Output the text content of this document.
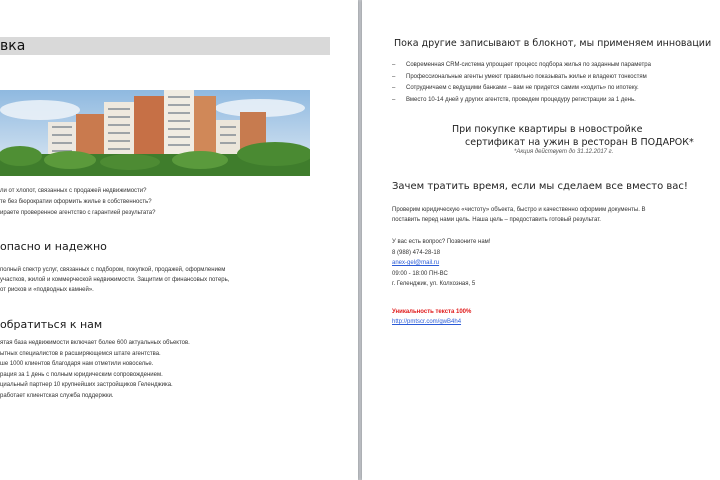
вка
ли от хлопот, связанных с продажей недвижимости?
те без бюрократии оформить жилье в собственность?
ираете проверенное агентство с гарантией результата?
опасно и надежно
полный спектр услуг, связанных с подбором, покупкой, продажей, оформлением
участков, жилой и коммерческой недвижимости. Защитим от финансовых потерь,
от рисков и «подводных камней».
обратиться к нам
ятая база недвижимости включает более 600 актуальных объектов.
ытных специалистов в расширяющемся штате агентства.
ше 1000 клиентов благодаря нам отметили новоселье.
рация за 1 день с полным юридическим сопровождением.
циальный партнер 10 крупнейших застройщиков Геленджика.
работает клиентская служба поддержки.
Пока другие записывают в блокнот, мы применяем инновации
– Современная CRM-система упрощает процесс подбора жилья по заданным параметра
– Профессиональные агенты умеют правильно показывать жилье и владеют тонкостям
– Сотрудничаем с ведущими банками – вам не придется самим «ходить» по ипотеку.
– Вместо 10-14 дней у других агентств, проведем процедуру регистрации за 1 день.
При покупке квартиры в новостройке
сертификат на ужин в ресторан В ПОДАРОК*
*Акция действует до 31.12.2017 г.
Зачем тратить время, если мы сделаем все вместо вас!
Проверим юридическую «чистоту» объекта, быстро и качественно оформим документы. В
поставить перед нами цель. Наша цель – предоставить готовый результат.
У вас есть вопрос? Позвоните нам!
8 (988) 474-28-18
anex-gel@mail.ru
09:00 - 18:00 ПН-ВС
г. Геленджик, ул. Колхозная, 5
Уникальность текста 100%
http://pmtscr.com/gwB4h4
